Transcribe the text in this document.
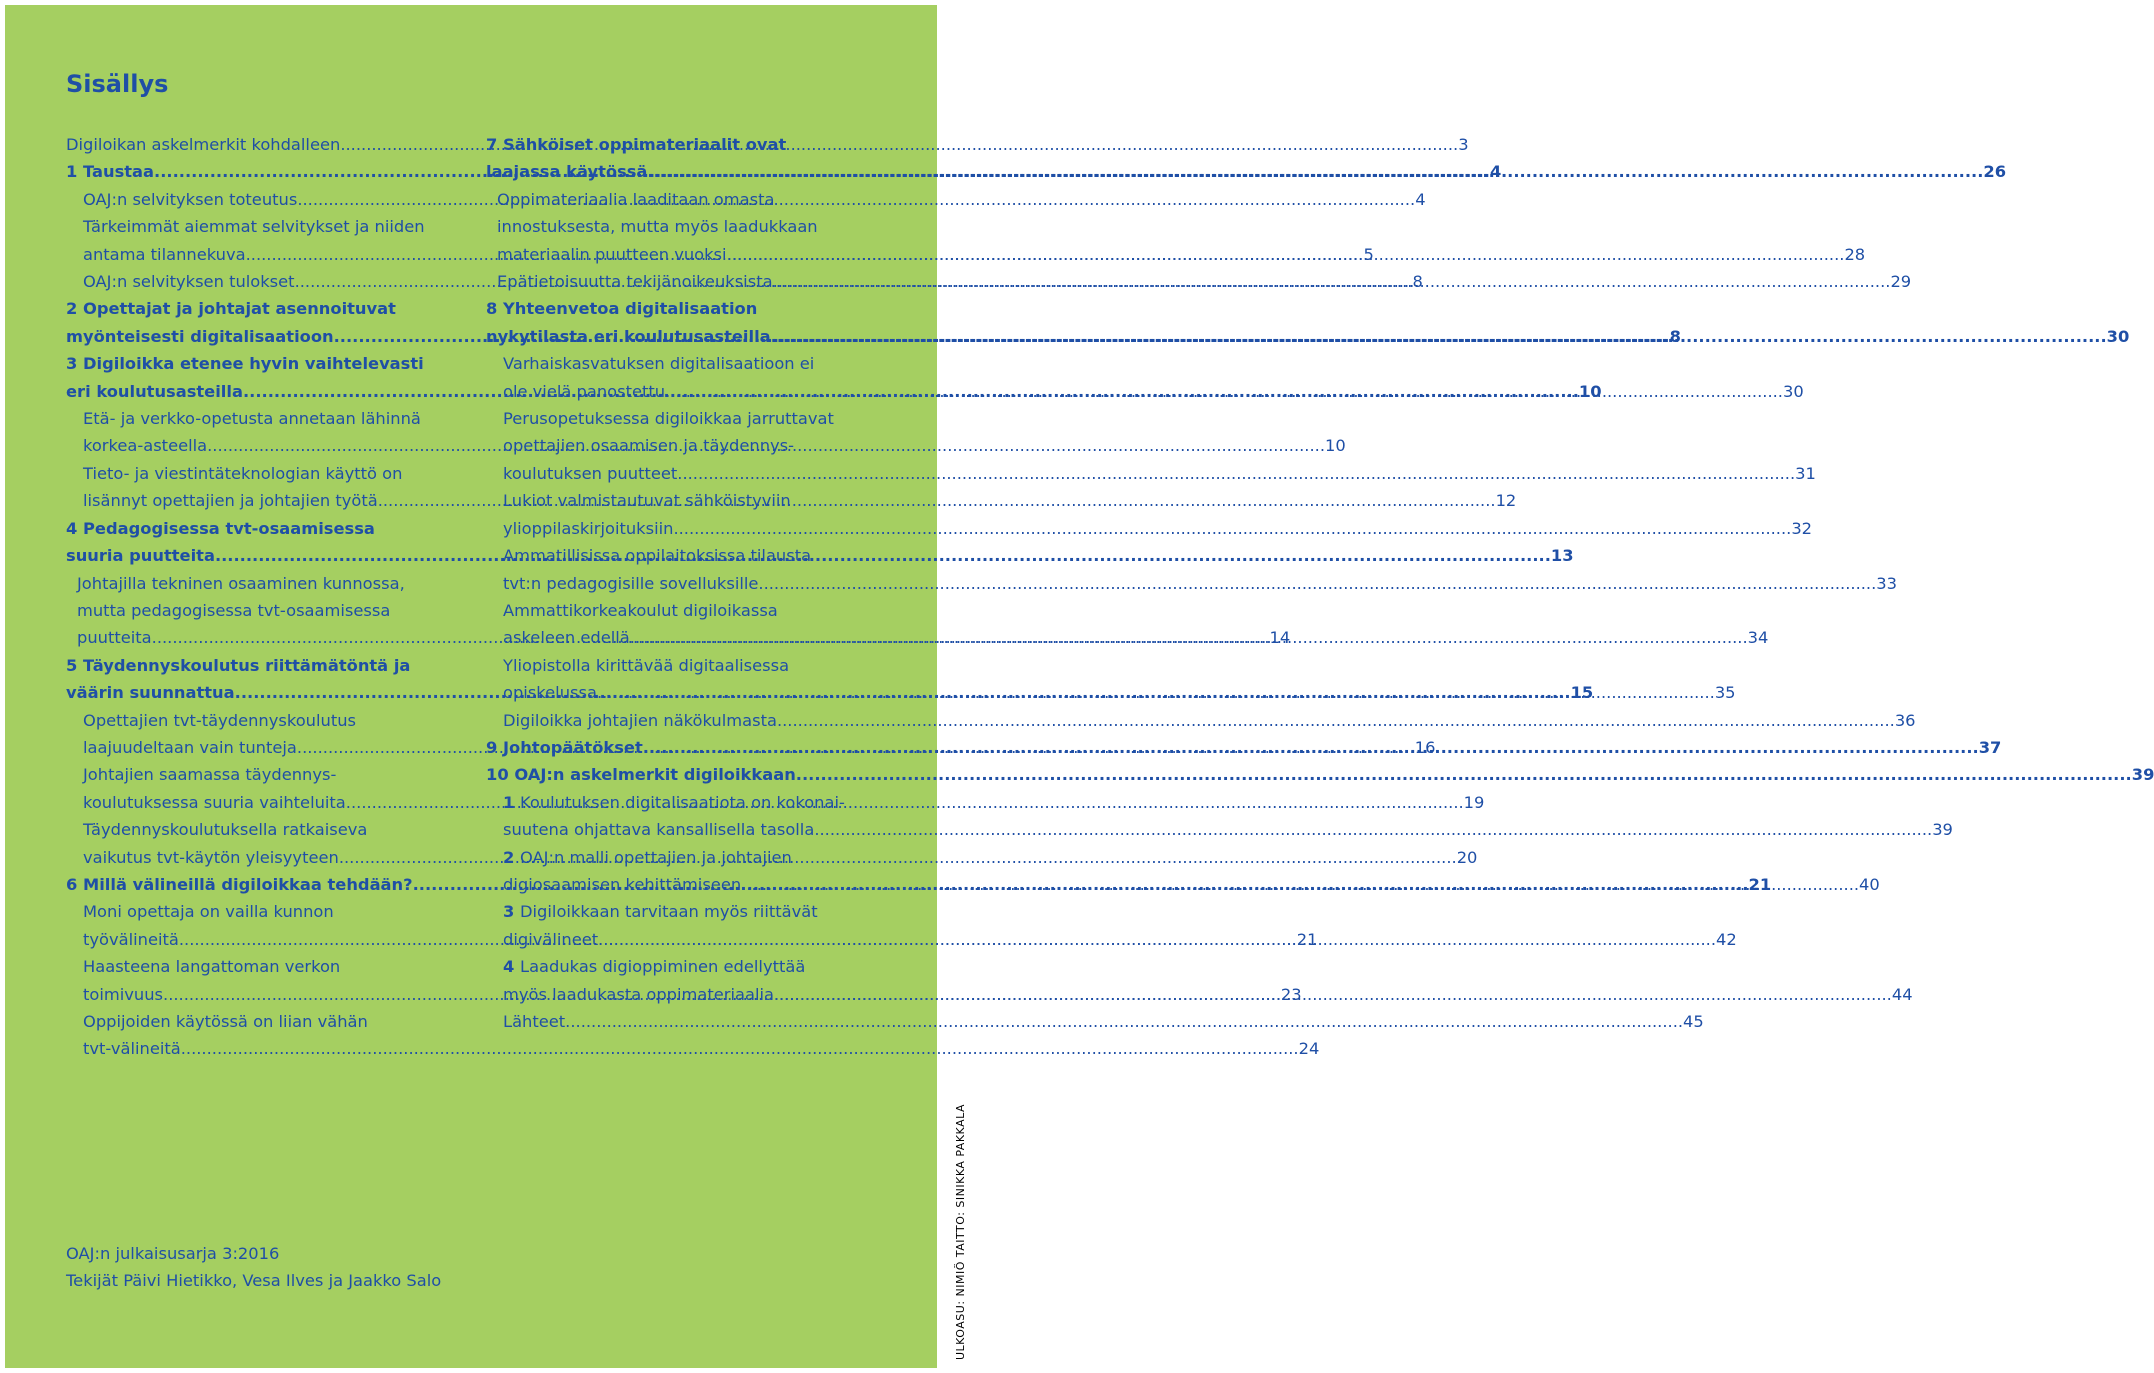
Sisällys
Digiloikan askelmerkit kohdalleen .....	3
1 Taustaa .....	4
OAJ:n selvityksen toteutus .....	4
Tärkeimmät aiemmat selvitykset ja niiden
antama tilannekuva .....	5
OAJ:n selvityksen tulokset .....	8
2 Opettajat ja johtajat asennoituvat
myönteisesti digitalisaatioon .....	8
3 Digiloikka etenee hyvin vaihtelevasti
eri koulutusasteilla .....	10
Etä- ja verkko-opetusta annetaan lähinnä
korkea-asteella .....	10
Tieto- ja viestintäteknologian käyttö on
lisännyt opettajien ja johtajien työtä .....	12
4 Pedagogisessa tvt-osaamisessa
suuria puutteita .....	13
Johtajilla tekninen osaaminen kunnossa,
mutta pedagogisessa tvt-osaamisessa
puutteita .....	14
5 Täydennyskoulutus riittämätöntä ja
väärin suunnattua .....	15
Opettajien tvt-täydennyskoulutus
laajuudeltaan vain tunteja .....	16
Johtajien saamassa täydennys-
koulutuksessa suuria vaihteluita .....	19
Täydennyskoulutuksella ratkaiseva
vaikutus tvt-käytön yleisyyteen .....	20
6 Millä välineillä digiloikkaa tehdään? .....	21
Moni opettaja on vailla kunnon
työvälineitä .....	21
Haasteena langattoman verkon
toimivuus .....	23
Oppijoiden käytössä on liian vähän
tvt-välineitä .....	24
7 Sähköiset oppimateriaalit ovat
laajassa käytössä .....	26
Oppimateriaalia laaditaan omasta
innostuksesta, mutta myös laadukkaan
materiaalin puutteen vuoksi .....	28
Epätietoisuutta tekijänoikeuksista .....	29
8 Yhteenvetoa digitalisaation
nykytilasta eri koulutusasteilla .....	30
Varhaiskasvatuksen digitalisaatioon ei
ole vielä panostettu .....	30
Perusopetuksessa digiloikkaa jarruttavat
opettajien osaamisen ja täydennys-
koulutuksen puutteet .....	31
Lukiot valmistautuvat sähköistyviin
ylioppilaskirjoituksiin .....	32
Ammatillisissa oppilaitoksissa tilausta
tvt:n pedagogisille sovelluksille .....	33
Ammattikorkeakoulut digiloikassa
askeleen edellä .....	34
Yliopistolla kirittävää digitaalisessa
opiskelussa .....	35
Digiloikka johtajien näkökulmasta .....	36
9 Johtopäätökset .....	37
10 OAJ:n askelmerkit digiloikkaan .....	39
1 Koulutuksen digitalisaatiota on kokonai-
suutena ohjattava kansallisella tasolla .....	39
2 OAJ:n malli opettajien ja johtajien
digiosaamisen kehittämiseen .....	40
3 Digiloikkaan tarvitaan myös riittävät
digivälineet .....	42
4 Laadukas digioppiminen edellyttää
myös laadukasta oppimateriaalia .....	44
Lähteet .....	45
OAJ:n julkaisusarja 3:2016
Tekijät Päivi Hietikko, Vesa Ilves ja Jaakko Salo	ULKOASU: NIMIÖ TAITTO: SINIKKA PAKKALA
